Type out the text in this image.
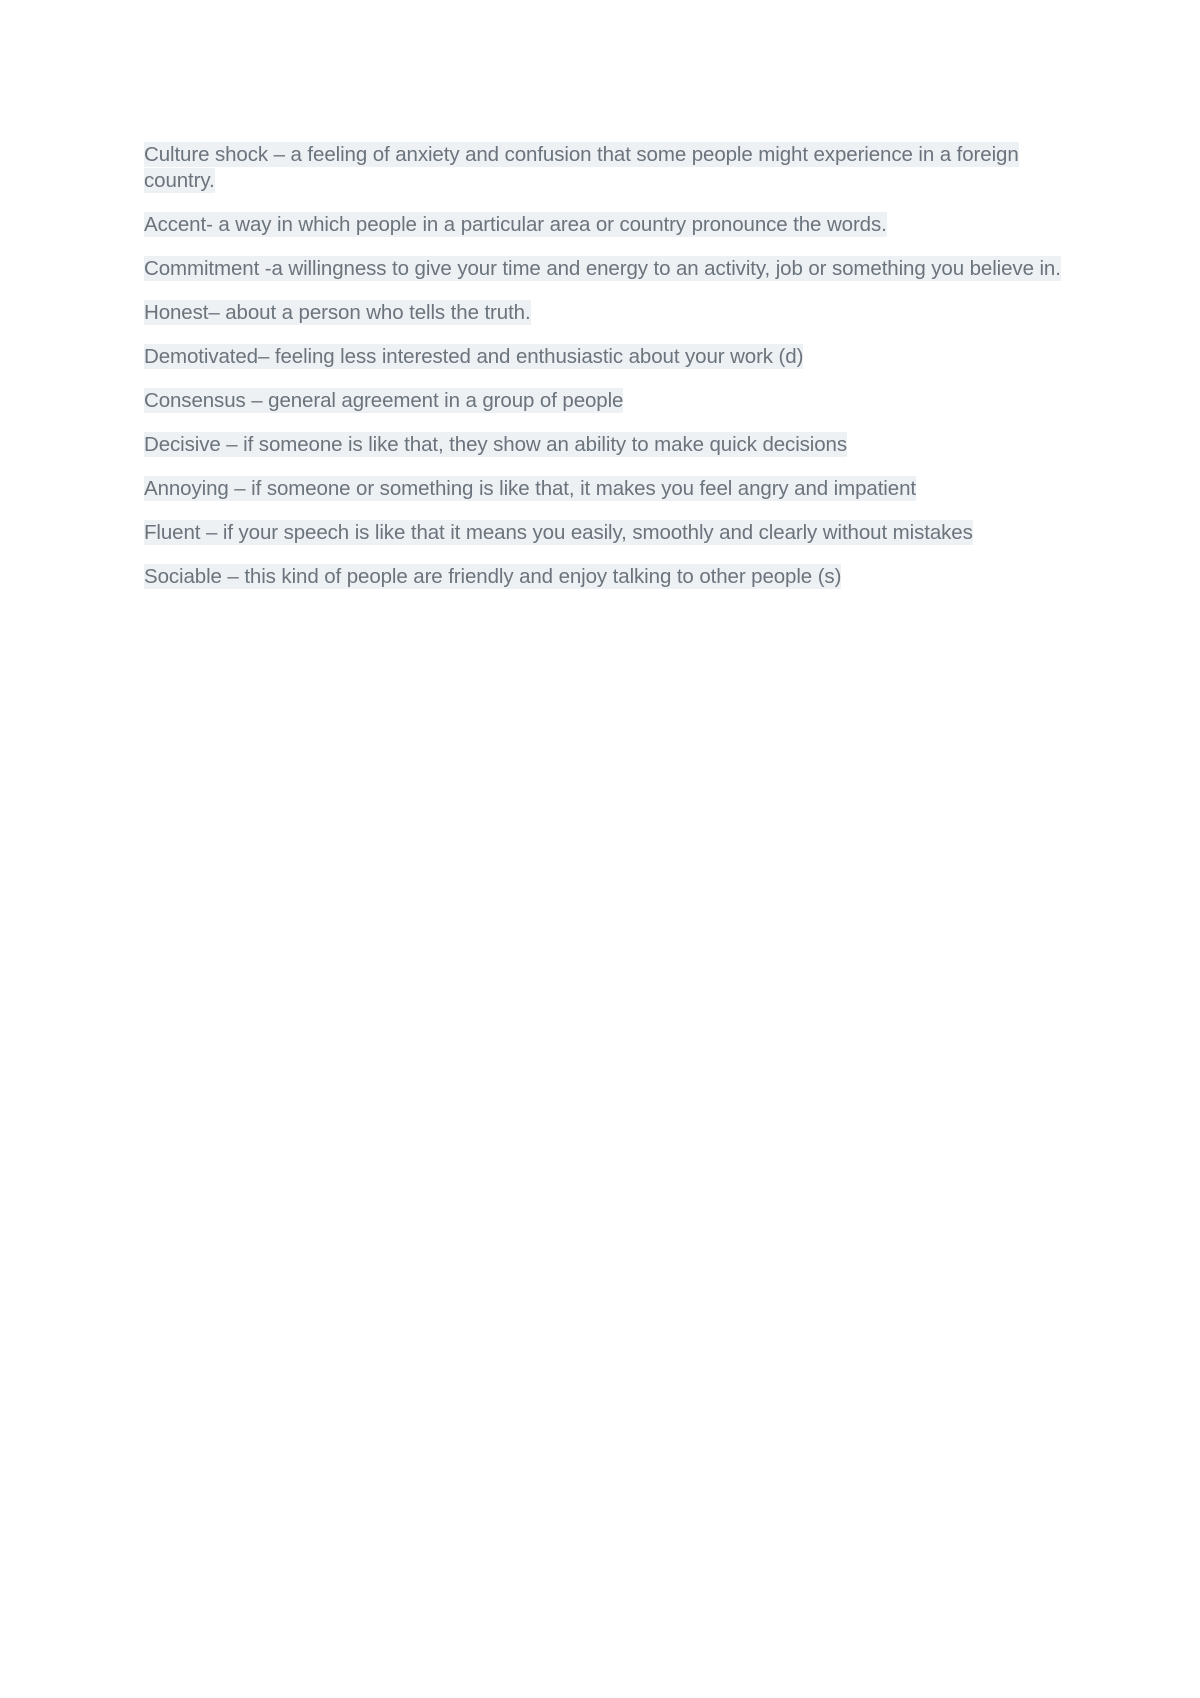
Culture shock – a feeling of anxiety and confusion that some people might experience in a foreign country.

Accent- a way in which people in a particular area or country pronounce the words.

Commitment -a willingness to give your time and energy to an activity, job or something you believe in.

Honest– about a person who tells the truth.

Demotivated– feeling less interested and enthusiastic about your work (d)

Consensus – general agreement in a group of people

Decisive – if someone is like that, they show an ability to make quick decisions

Annoying – if someone or something is like that, it makes you feel angry and impatient

Fluent – if your speech is like that it means you easily, smoothly and clearly without mistakes

Sociable – this kind of people are friendly and enjoy talking to other people (s)
